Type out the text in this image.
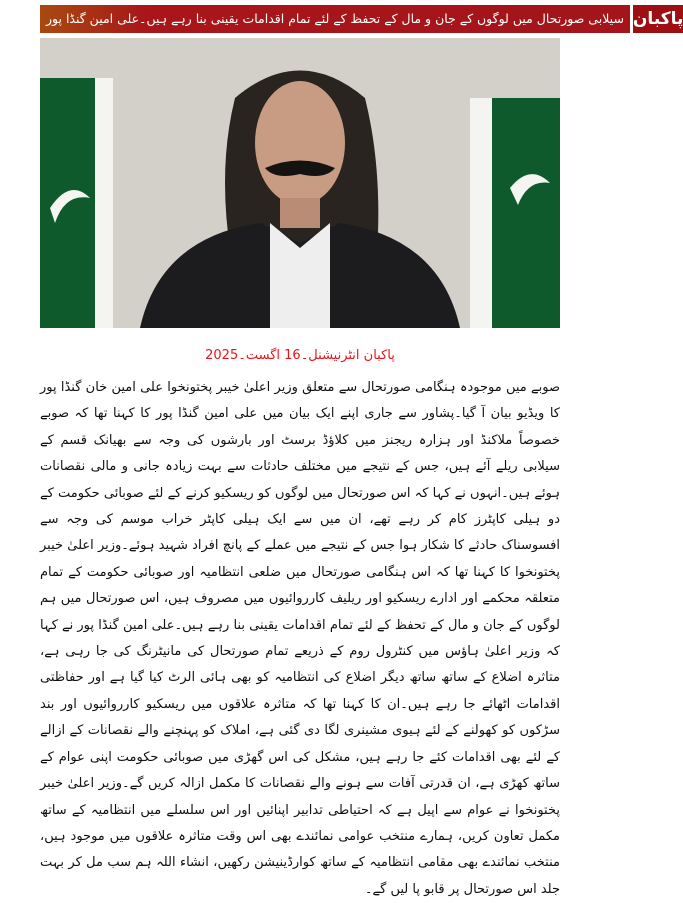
سیلابی صورتحال میں لوگوں کے جان و مال کے تحفظ کے لئے تمام اقدامات یقینی بنا رہے ہیں۔علی امین گنڈا پور پاکبان
پاکبان انٹرنیشنل۔16 اگست۔2025
صوبے میں موجودہ ہنگامی صورتحال سے متعلق وزیر اعلیٰ خیبر پختونخوا علی امین خان گنڈا پور کا ویڈیو بیان آ گیا۔پشاور سے جاری اپنے ایک بیان میں علی امین گنڈا پور کا کہنا تھا کہ صوبے خصوصاً ملاکنڈ اور ہزارہ ریجنز میں کلاؤڈ برسٹ اور بارشوں کی وجہ سے بھیانک قسم کے سیلابی ریلے آئے ہیں، جس کے نتیجے میں مختلف حادثات سے بہت زیادہ جانی و مالی نقصانات ہوئے ہیں۔انہوں نے کہا کہ اس صورتحال میں لوگوں کو ریسکیو کرنے کے لئے صوبائی حکومت کے دو ہیلی کاپٹرز کام کر رہے تھے، ان میں سے ایک ہیلی کاپٹر خراب موسم کی وجہ سے افسوسناک حادثے کا شکار ہوا جس کے نتیجے میں عملے کے پانچ افراد شہید ہوئے۔وزیر اعلیٰ خیبر پختونخوا کا کہنا تھا کہ اس ہنگامی صورتحال میں ضلعی انتظامیہ اور صوبائی حکومت کے تمام متعلقہ محکمے اور ادارے ریسکیو اور ریلیف کارروائیوں میں مصروف ہیں، اس صورتحال میں ہم لوگوں کے جان و مال کے تحفظ کے لئے تمام اقدامات یقینی بنا رہے ہیں۔علی امین گنڈا پور نے کہا کہ وزیر اعلیٰ ہاؤس میں کنٹرول روم کے ذریعے تمام صورتحال کی مانیٹرنگ کی جا رہی ہے، متاثرہ اضلاع کے ساتھ ساتھ دیگر اضلاع کی انتظامیہ کو بھی ہائی الرٹ کیا گیا ہے اور حفاظتی اقدامات اٹھائے جا رہے ہیں۔ان کا کہنا تھا کہ متاثرہ علاقوں میں ریسکیو کارروائیوں اور بند سڑکوں کو کھولنے کے لئے ہیوی مشینری لگا دی گئی ہے، املاک کو پہنچنے والے نقصانات کے ازالے کے لئے بھی اقدامات کئے جا رہے ہیں، مشکل کی اس گھڑی میں صوبائی حکومت اپنی عوام کے ساتھ کھڑی ہے، ان قدرتی آفات سے ہونے والے نقصانات کا مکمل ازالہ کریں گے۔وزیر اعلیٰ خیبر پختونخوا نے عوام سے اپیل ہے کہ احتیاطی تدابیر اپنائیں اور اس سلسلے میں انتظامیہ کے ساتھ مکمل تعاون کریں، ہمارے منتخب عوامی نمائندے بھی اس وقت متاثرہ علاقوں میں موجود ہیں، منتخب نمائندے بھی مقامی انتظامیہ کے ساتھ کوارڈینیشن رکھیں، انشاء اللہ ہم سب مل کر بہت جلد اس صورتحال پر قابو پا لیں گے۔
